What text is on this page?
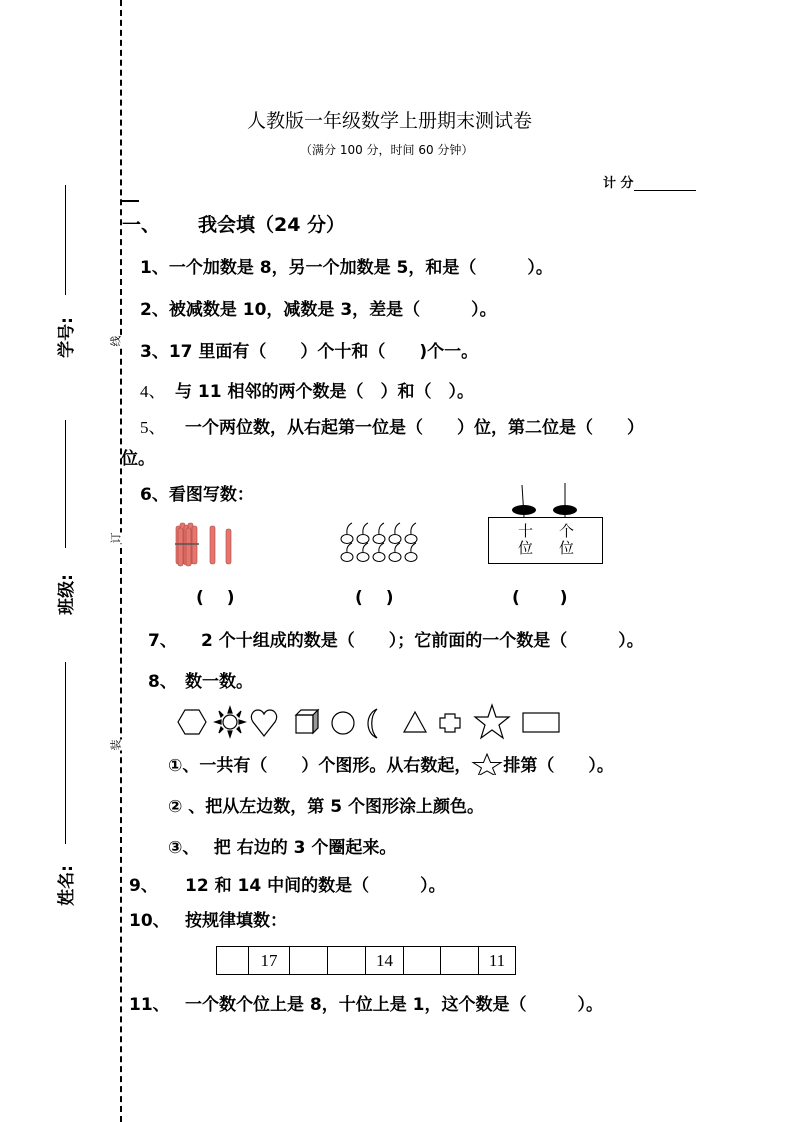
学号:
班级:
姓名:
线
订
装
人教版一年级数学上册期末测试卷
（满分 100 分，时间 60 分钟）
计 分
一、 我会填（24 分）
1、一个加数是 8，另一个加数是 5，和是（　　　）。
2、被减数是 10，减数是 3，差是（　　　）。
3、17 里面有（　　）个十和（　　)个一。
4、 与 11 相邻的两个数是（　）和（　）。
5、 一个两位数，从右起第一位是（　　）位，第二位是（　　）
位。
6、看图写数：
(　 )	(　 )
十
位
个
位
(　　 )
7、 2 个十组成的数是（　　）；它前面的一个数是（　　　）。
8、 数一数。
①、一共有（　　）个图形。从右数起， 排第（　　）。
② 、把从左边数，第 5 个图形涂上颜色。
③、　 把 右边的 3 个圈起来。
9、 12 和 14 中间的数是（　　　）。
10、 按规律填数：
	17			14			11
11、 一个数个位上是 8，十位上是 1，这个数是（　　　）。
